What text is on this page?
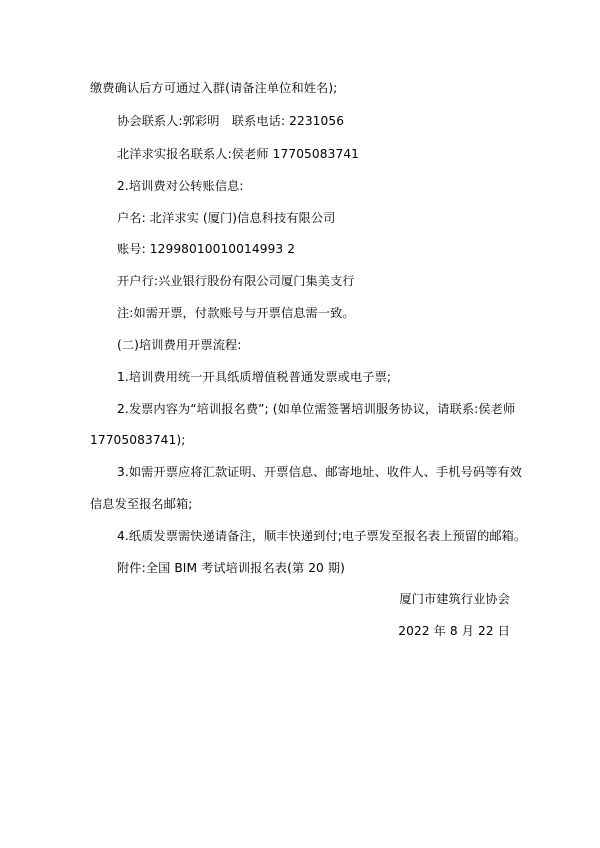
缴费确认后方可通过入群(请备注单位和姓名);
协会联系人:郭彩明　联系电话: 2231056
北洋求实报名联系人:侯老师 17705083741
2.培训费对公转账信息:
户名: 北洋求实 (厦门)信息科技有限公司
账号: 12998010010014993 2
开户行:兴业银行股份有限公司厦门集美支行
注:如需开票，付款账号与开票信息需一致。
(二)培训费用开票流程:
1.培训费用统一开具纸质增值税普通发票或电子票;
2.发票内容为“培训报名费”; (如单位需签署培训服务协议，请联系:侯老师
17705083741);
3.如需开票应将汇款证明、开票信息、邮寄地址、收件人、手机号码等有效
信息发至报名邮箱;
4.纸质发票需快递请备注，顺丰快递到付;电子票发至报名表上预留的邮箱。
附件:全国 BIM 考试培训报名表(第 20 期)
厦门市建筑行业协会
2022 年 8 月 22 日
